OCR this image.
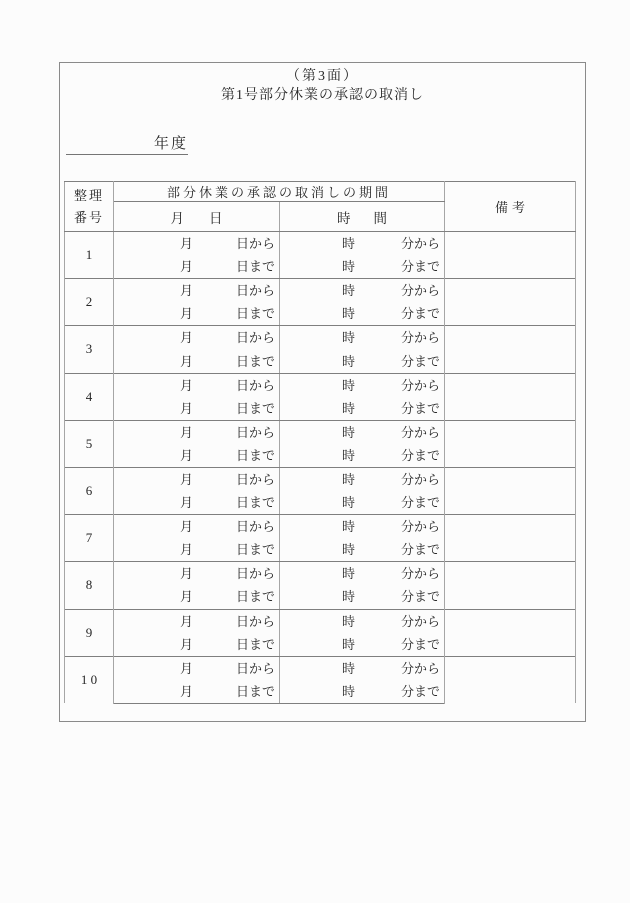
（第3面）
第1号部分休業の承認の取消し
年度
整理
番号	部分休業の承認の取消しの期間		備考

	月 日	時 間	

1	月 日から	時 分から	

	月 日まで	時 分まで	

2	月 日から	時 分から	

	月 日まで	時 分まで	

3	月 日から	時 分から	

	月 日まで	時 分まで	

4	月 日から	時 分から	

	月 日まで	時 分まで	

5	月 日から	時 分から	

	月 日まで	時 分まで	

6	月 日から	時 分から	

	月 日まで	時 分まで	

7	月 日から	時 分から	

	月 日まで	時 分まで	

8	月 日から	時 分から	

	月 日まで	時 分まで	

9	月 日から	時 分から	

	月 日まで	時 分まで	

1 0	月 日から	時 分から	

	月 日まで	時 分まで	
